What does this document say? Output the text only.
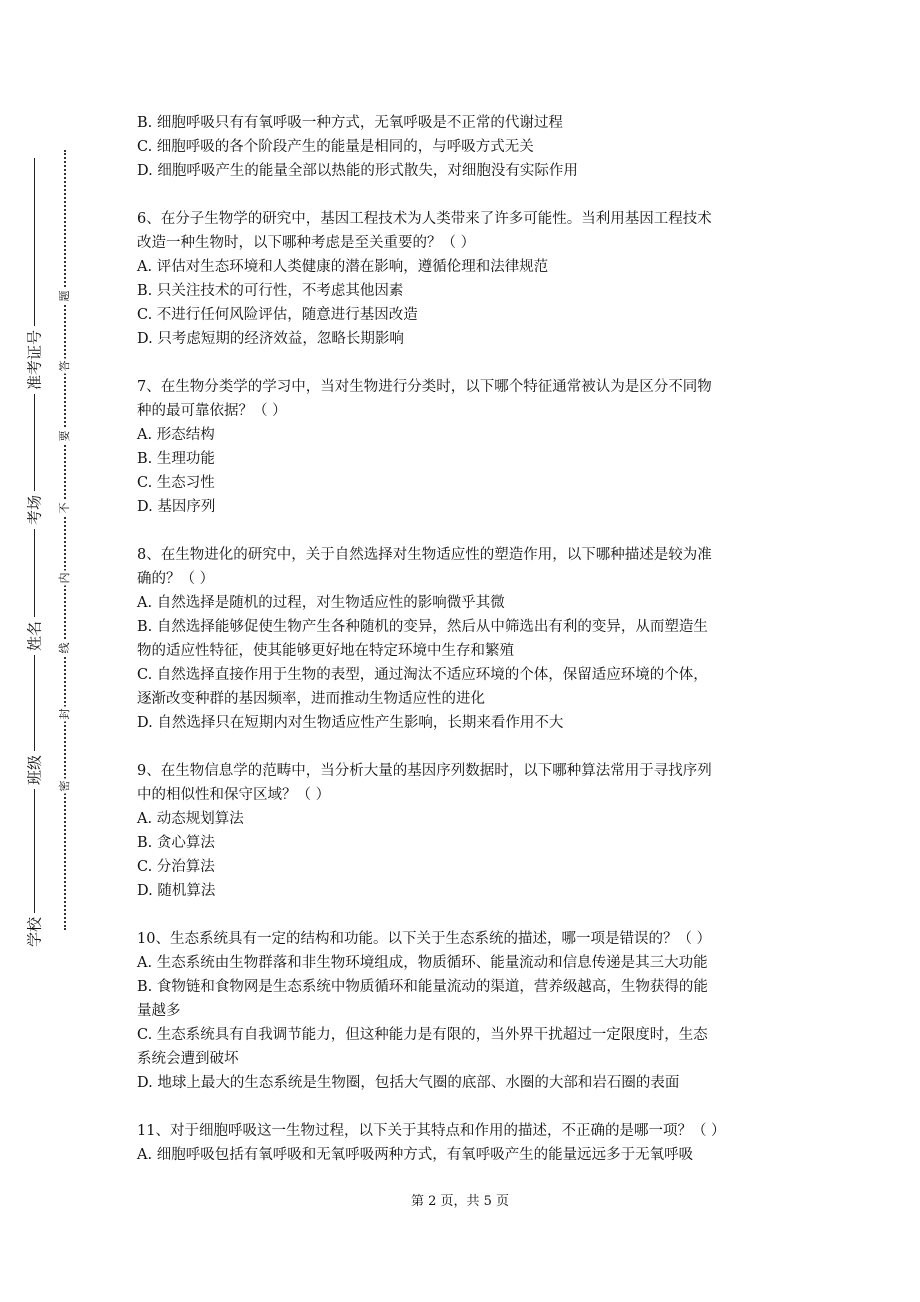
准考证号
考场
姓名
班级
学校
题
答
要
不
内
线
封
密
B. 细胞呼吸只有有氧呼吸一种方式，无氧呼吸是不正常的代谢过程
C. 细胞呼吸的各个阶段产生的能量是相同的，与呼吸方式无关
D. 细胞呼吸产生的能量全部以热能的形式散失，对细胞没有实际作用
6、在分子生物学的研究中，基因工程技术为人类带来了许多可能性。当利用基因工程技术
改造一种生物时，以下哪种考虑是至关重要的？（ ）
A. 评估对生态环境和人类健康的潜在影响，遵循伦理和法律规范
B. 只关注技术的可行性，不考虑其他因素
C. 不进行任何风险评估，随意进行基因改造
D. 只考虑短期的经济效益，忽略长期影响
7、在生物分类学的学习中，当对生物进行分类时，以下哪个特征通常被认为是区分不同物
种的最可靠依据？（ ）
A. 形态结构
B. 生理功能
C. 生态习性
D. 基因序列
8、在生物进化的研究中，关于自然选择对生物适应性的塑造作用，以下哪种描述是较为准
确的？（ ）
A. 自然选择是随机的过程，对生物适应性的影响微乎其微
B. 自然选择能够促使生物产生各种随机的变异，然后从中筛选出有利的变异，从而塑造生
物的适应性特征，使其能够更好地在特定环境中生存和繁殖
C. 自然选择直接作用于生物的表型，通过淘汰不适应环境的个体，保留适应环境的个体，
逐渐改变种群的基因频率，进而推动生物适应性的进化
D. 自然选择只在短期内对生物适应性产生影响，长期来看作用不大
9、在生物信息学的范畴中，当分析大量的基因序列数据时，以下哪种算法常用于寻找序列
中的相似性和保守区域？（ ）
A. 动态规划算法
B. 贪心算法
C. 分治算法
D. 随机算法
10、生态系统具有一定的结构和功能。以下关于生态系统的描述，哪一项是错误的？（ ）
A. 生态系统由生物群落和非生物环境组成，物质循环、能量流动和信息传递是其三大功能
B. 食物链和食物网是生态系统中物质循环和能量流动的渠道，营养级越高，生物获得的能
量越多
C. 生态系统具有自我调节能力，但这种能力是有限的，当外界干扰超过一定限度时，生态
系统会遭到破坏
D. 地球上最大的生态系统是生物圈，包括大气圈的底部、水圈的大部和岩石圈的表面
11、对于细胞呼吸这一生物过程，以下关于其特点和作用的描述，不正确的是哪一项？（ ）
A. 细胞呼吸包括有氧呼吸和无氧呼吸两种方式，有氧呼吸产生的能量远远多于无氧呼吸
第 2 页，共 5 页
